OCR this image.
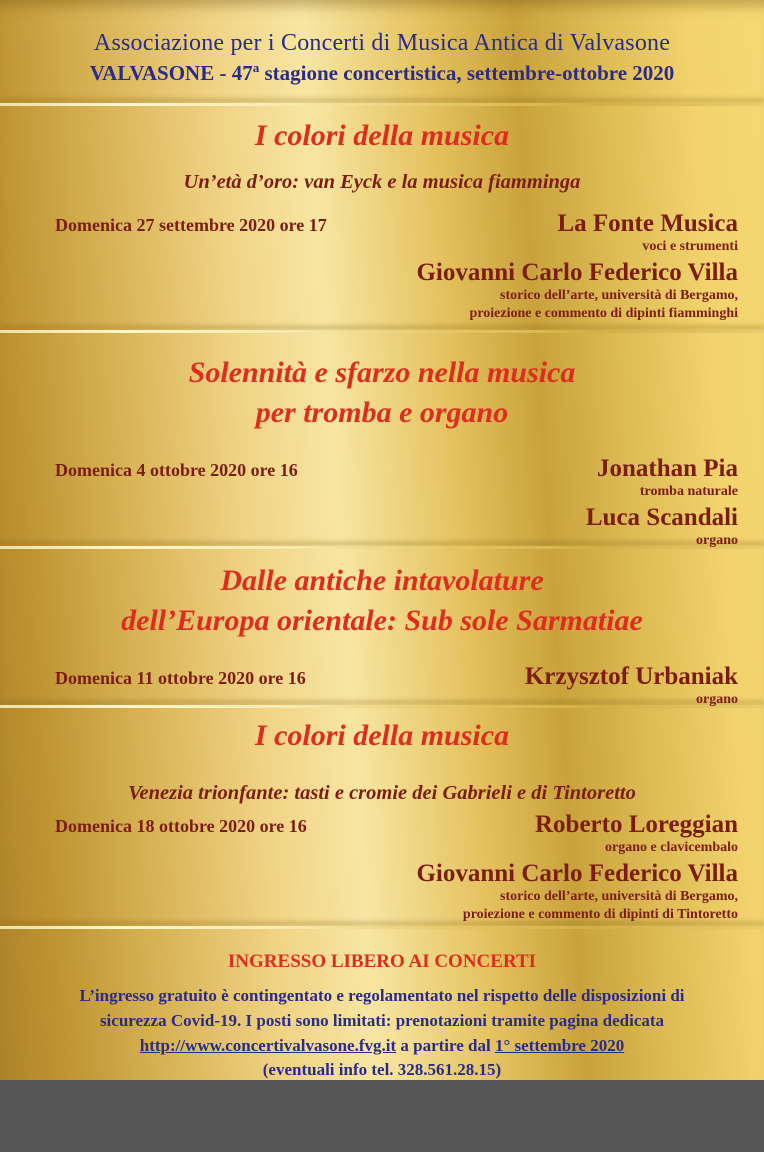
Associazione per i Concerti di Musica Antica di Valvasone
VALVASONE - 47$^a$ stagione concertistica, settembre-ottobre 2020
I colori della musica
Un’età d’oro: van Eyck e la musica fiamminga
Domenica 27 settembre 2020 ore 17	La Fonte Musica
voci e strumenti
Giovanni Carlo Federico Villa
storico dell’arte, università di Bergamo,
proiezione e commento di dipinti fiamminghi
Solennità e sfarzo nella musica
per tromba e organo
Domenica 4 ottobre 2020 ore 16	Jonathan Pia
tromba naturale
Luca Scandali
organo
Dalle antiche intavolature
dell’Europa orientale: Sub sole Sarmatiae
Domenica 11 ottobre 2020 ore 16	Krzysztof Urbaniak
organo
I colori della musica
Venezia trionfante: tasti e cromie dei Gabrieli e di Tintoretto
Domenica 18 ottobre 2020 ore 16	Roberto Loreggian
organo e clavicembalo
Giovanni Carlo Federico Villa
storico dell’arte, università di Bergamo,
proiezione e commento di dipinti di Tintoretto
INGRESSO LIBERO AI CONCERTI
L’ingresso gratuito è contingentato e regolamentato nel rispetto delle disposizioni di
sicurezza Covid-19. I posti sono limitati: prenotazioni tramite pagina dedicata
http://www.concertivalvasone.fvg.it a partire dal 1° settembre 2020
(eventuali info tel. 328.561.28.15)
